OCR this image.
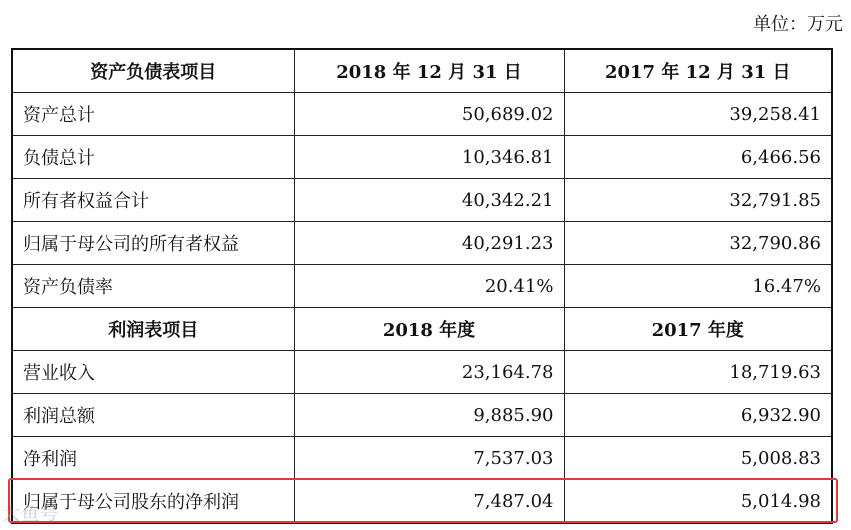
单位：万元
资产负债表项目	2018 年 12 月 31 日	2017 年 12 月 31 日
资产总计	50,689.02	39,258.41
负债总计	10,346.81	6,466.56
所有者权益合计	40,342.21	32,791.85
归属于母公司的所有者权益	40,291.23	32,790.86
资产负债率	20.41%	16.47%
利润表项目	2018 年度	2017 年度
营业收入	23,164.78	18,719.63
利润总额	9,885.90	6,932.90
净利润	7,537.03	5,008.83
归属于母公司股东的净利润	7,487.04	5,014.98
大鱼号
